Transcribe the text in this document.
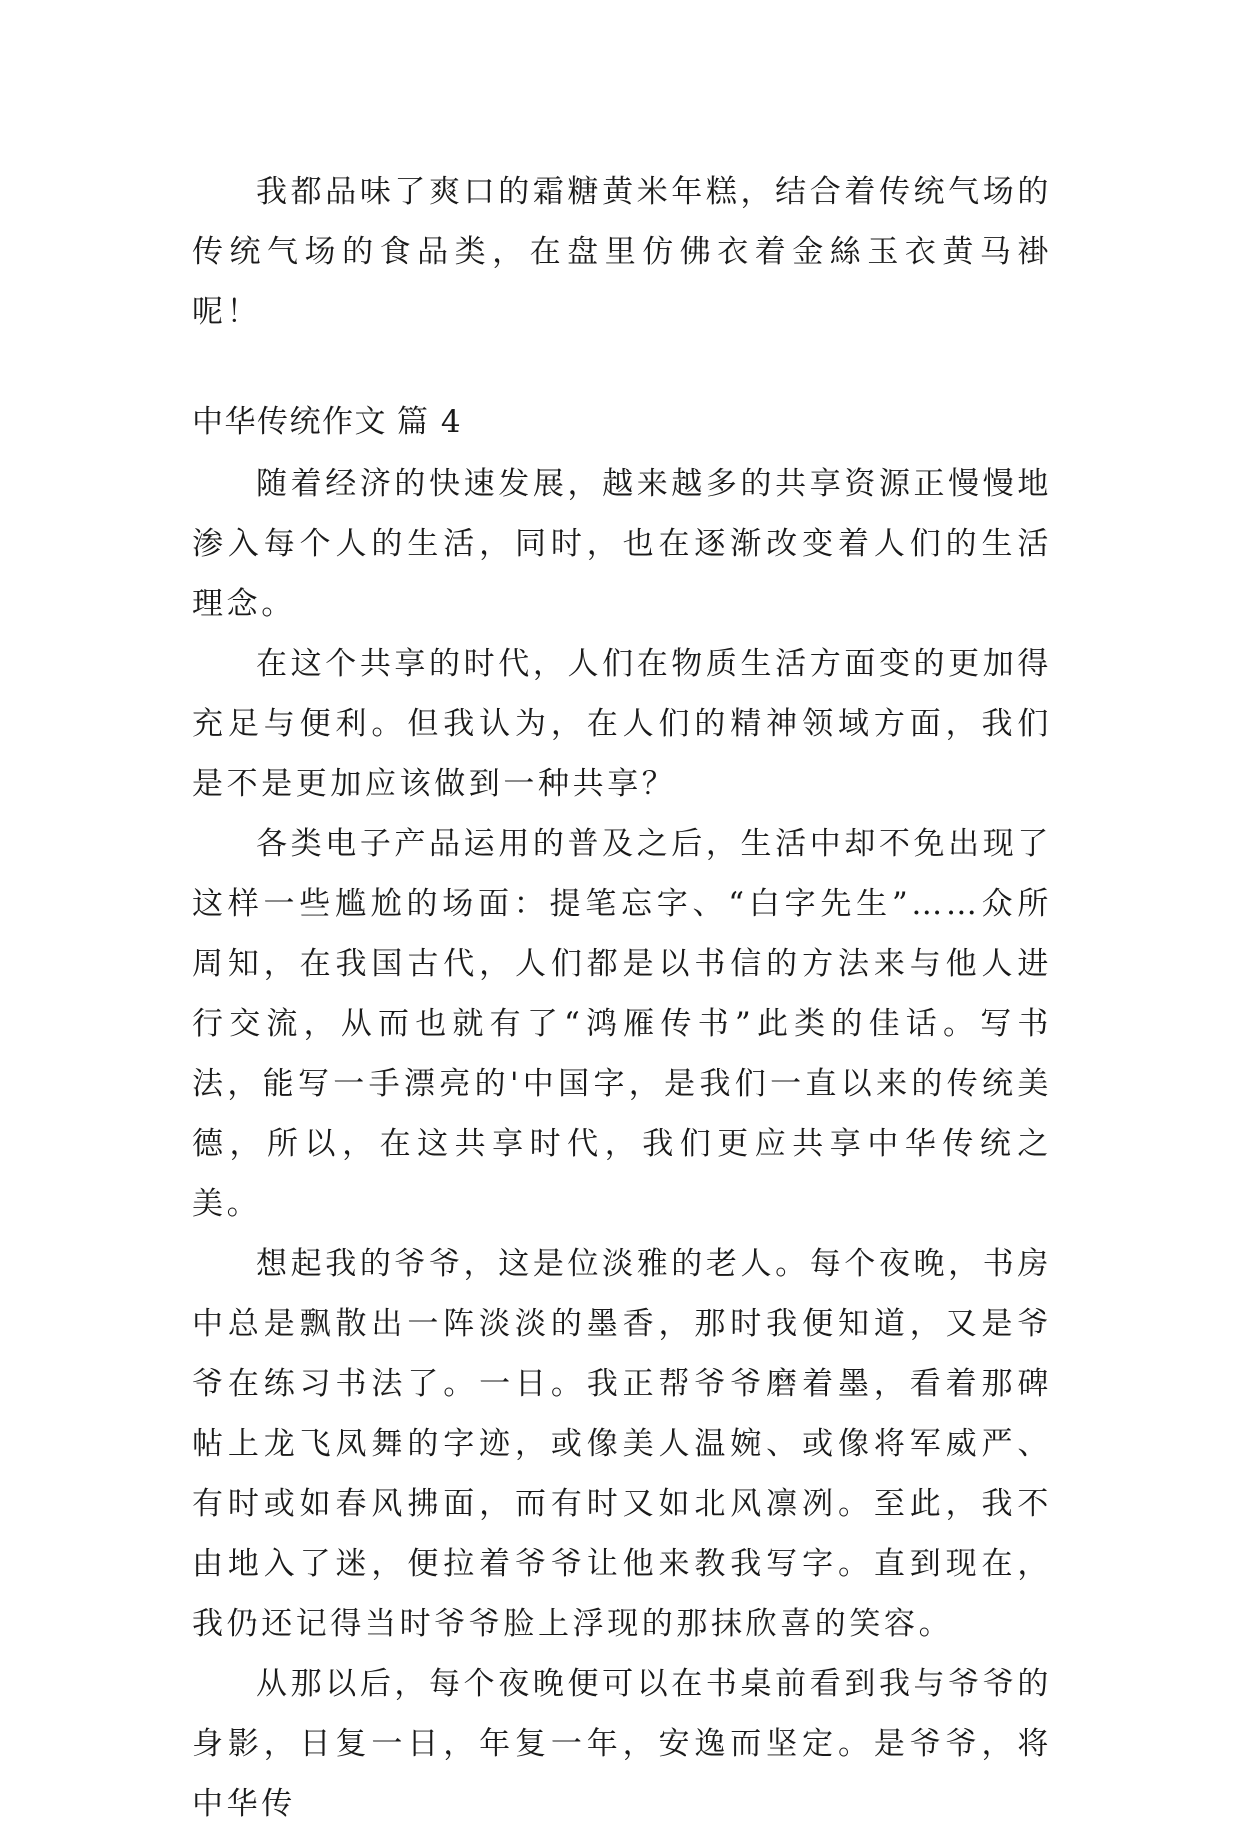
我都品味了爽口的霜糖黄米年糕，结合着传统气场的传统气场的食品类，在盘里仿佛衣着金絲玉衣黄马褂呢！

中华传统作文 篇 4

随着经济的快速发展，越来越多的共享资源正慢慢地渗入每个人的生活，同时，也在逐渐改变着人们的生活理念。

在这个共享的时代，人们在物质生活方面变的更加得充足与便利。但我认为，在人们的精神领域方面，我们是不是更加应该做到一种共享？

各类电子产品运用的普及之后，生活中却不免出现了这样一些尴尬的场面：提笔忘字、“白字先生”……众所周知，在我国古代，人们都是以书信的方法来与他人进行交流，从而也就有了“鸿雁传书”此类的佳话。写书法，能写一手漂亮的'中国字，是我们一直以来的传统美德，所以，在这共享时代，我们更应共享中华传统之美。

想起我的爷爷，这是位淡雅的老人。每个夜晚，书房中总是飘散出一阵淡淡的墨香，那时我便知道，又是爷爷在练习书法了。一日。我正帮爷爷磨着墨，看着那碑帖上龙飞凤舞的字迹，或像美人温婉、或像将军威严、有时或如春风拂面，而有时又如北风凛冽。至此，我不由地入了迷，便拉着爷爷让他来教我写字。直到现在，我仍还记得当时爷爷脸上浮现的那抹欣喜的笑容。

从那以后，每个夜晚便可以在书桌前看到我与爷爷的身影，日复一日，年复一年，安逸而坚定。是爷爷，将中华传
